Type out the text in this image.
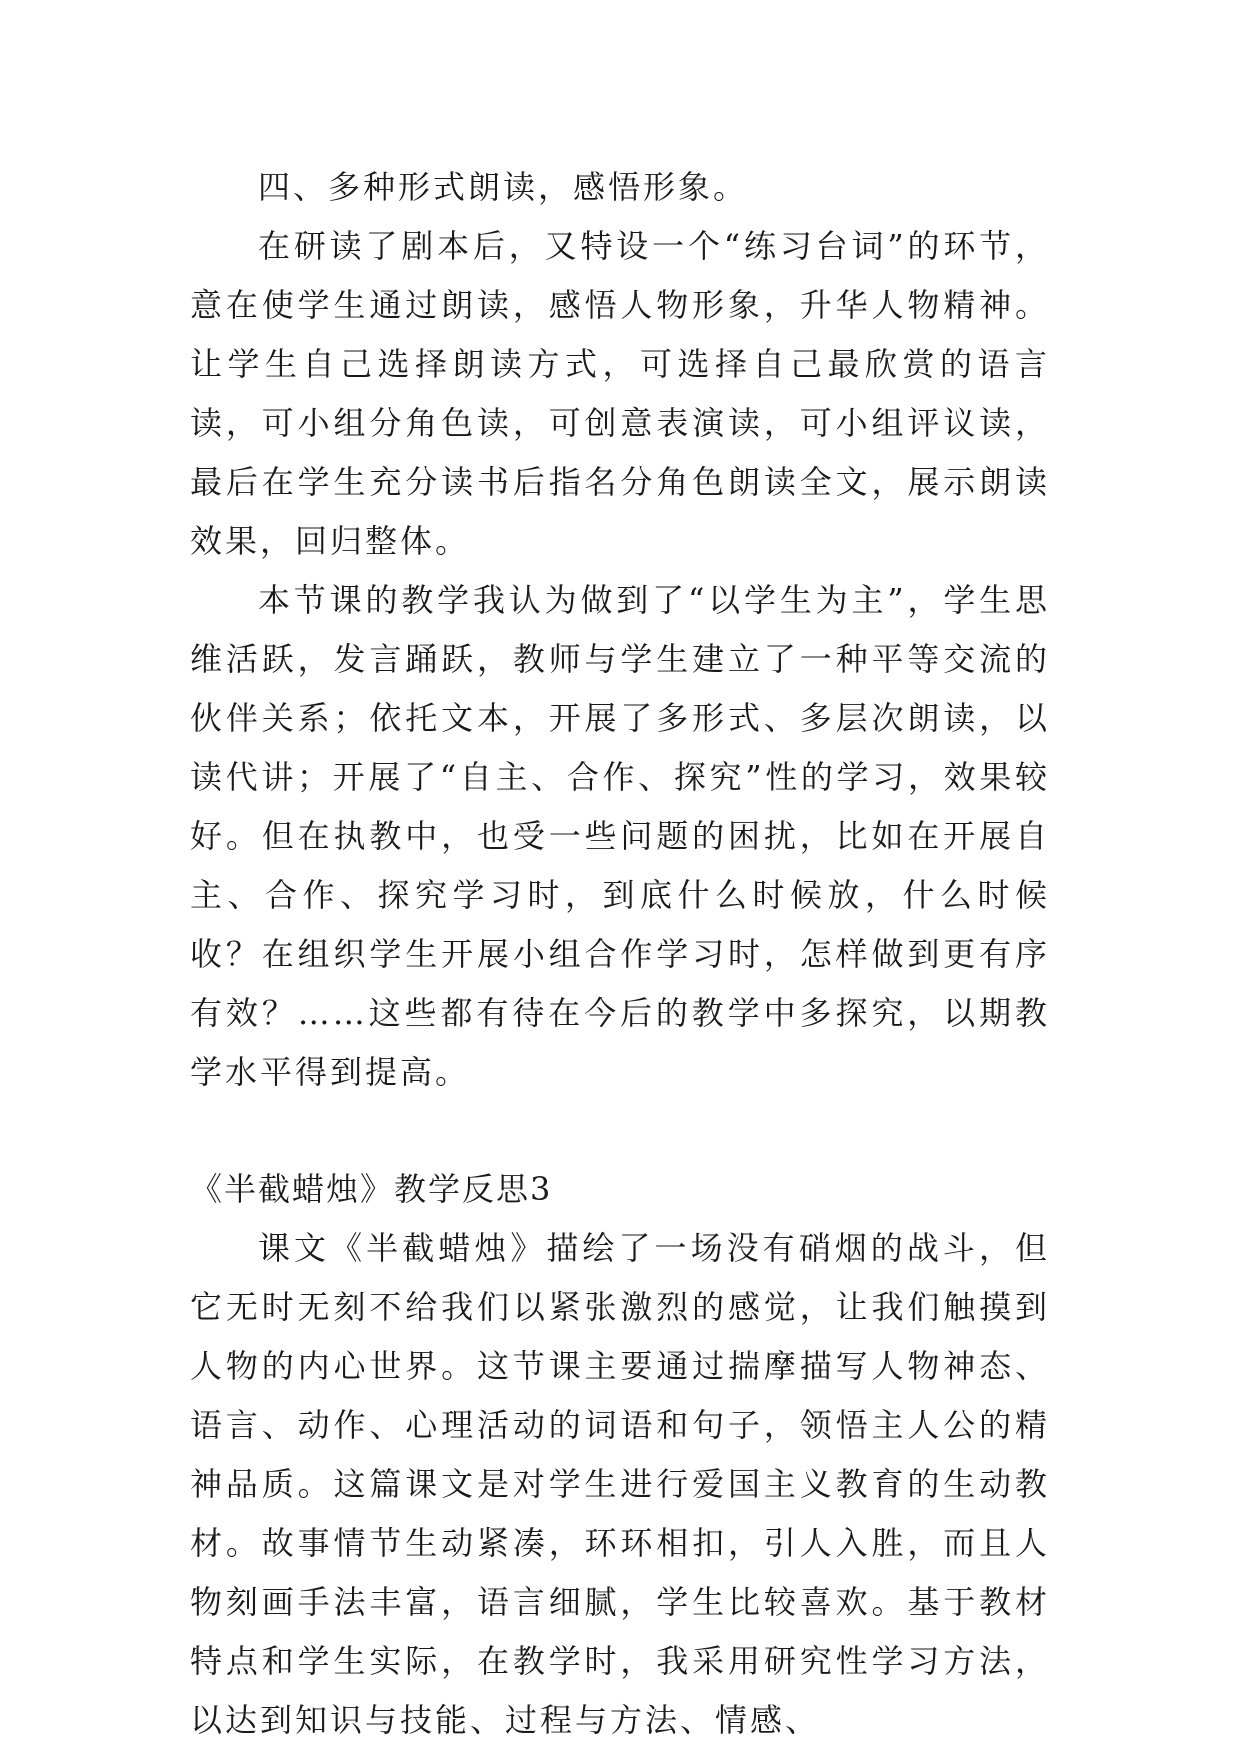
四、多种形式朗读，感悟形象。

在研读了剧本后，又特设一个“练习台词”的环节，意在使学生通过朗读，感悟人物形象，升华人物精神。让学生自己选择朗读方式，可选择自己最欣赏的语言读，可小组分角色读，可创意表演读，可小组评议读，最后在学生充分读书后指名分角色朗读全文，展示朗读效果，回归整体。

本节课的教学我认为做到了“以学生为主”，学生思维活跃，发言踊跃，教师与学生建立了一种平等交流的伙伴关系；依托文本，开展了多形式、多层次朗读，以读代讲；开展了“自主、合作、探究”性的学习，效果较好。但在执教中，也受一些问题的困扰，比如在开展自主、合作、探究学习时，到底什么时候放，什么时候收？在组织学生开展小组合作学习时，怎样做到更有序有效？……这些都有待在今后的教学中多探究，以期教学水平得到提高。

《半截蜡烛》教学反思3

课文《半截蜡烛》描绘了一场没有硝烟的战斗，但它无时无刻不给我们以紧张激烈的感觉，让我们触摸到人物的内心世界。这节课主要通过揣摩描写人物神态、语言、动作、心理活动的词语和句子，领悟主人公的精神品质。这篇课文是对学生进行爱国主义教育的生动教材。故事情节生动紧凑，环环相扣，引人入胜，而且人物刻画手法丰富，语言细腻，学生比较喜欢。基于教材特点和学生实际，在教学时，我采用研究性学习方法，以达到知识与技能、过程与方法、情感、
